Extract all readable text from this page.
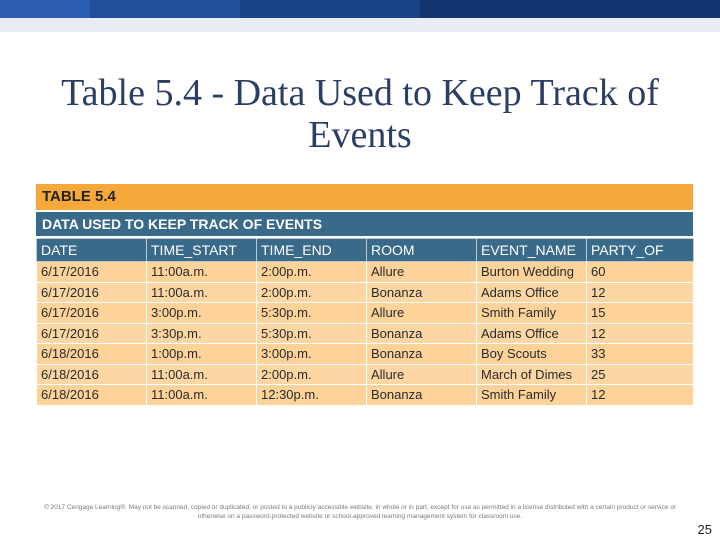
Table 5.4 - Data Used to Keep Track of Events
TABLE 5.4
DATA USED TO KEEP TRACK OF EVENTS
DATE	TIME_START	TIME_END	ROOM	EVENT_NAME	PARTY_OF
6/17/2016	11:00a.m.	2:00p.m.	Allure	Burton Wedding	60
6/17/2016	11:00a.m.	2:00p.m.	Bonanza	Adams Office	12
6/17/2016	3:00p.m.	5:30p.m.	Allure	Smith Family	15
6/17/2016	3:30p.m.	5:30p.m.	Bonanza	Adams Office	12
6/18/2016	1:00p.m.	3:00p.m.	Bonanza	Boy Scouts	33
6/18/2016	11:00a.m.	2:00p.m.	Allure	March of Dimes	25
6/18/2016	11:00a.m.	12:30p.m.	Bonanza	Smith Family	12
© 2017 Cengage Learning®. May not be scanned, copied or duplicated, or posted to a publicly accessible website, in whole or in part, except for use as permitted in a license distributed with a certain product or service or otherwise on a password-protected website or school-approved learning management system for classroom use.
25
